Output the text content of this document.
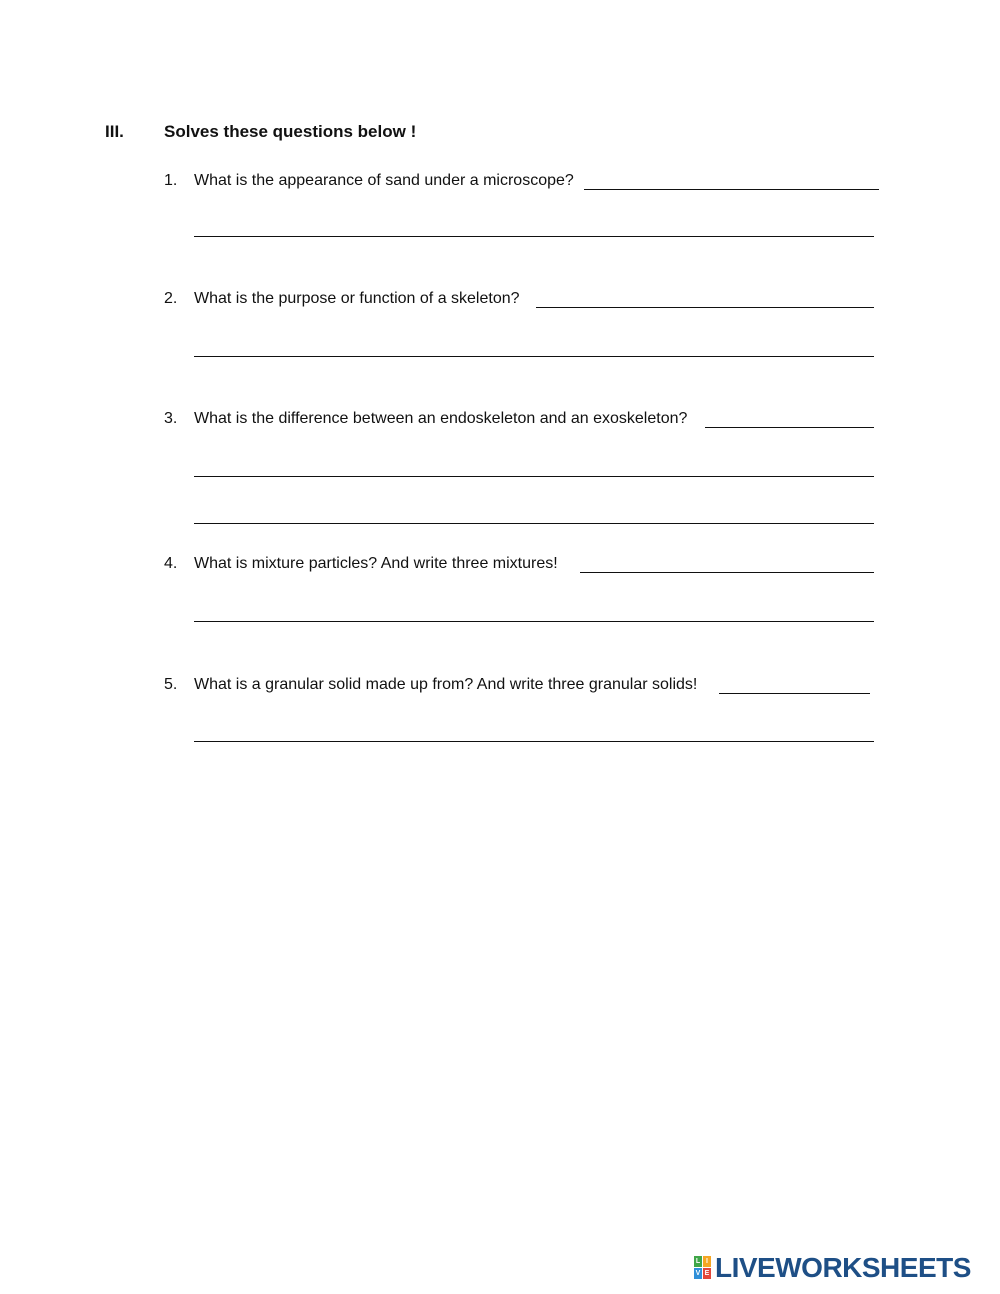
III. Solves these questions below !
1. What is the appearance of sand under a microscope?
2. What is the purpose or function of a skeleton?
3. What is the difference between an endoskeleton and an exoskeleton?
4. What is mixture particles? And write three mixtures!
5. What is a granular solid made up from? And write three granular solids!
L I
V E LIVEWORKSHEETS
